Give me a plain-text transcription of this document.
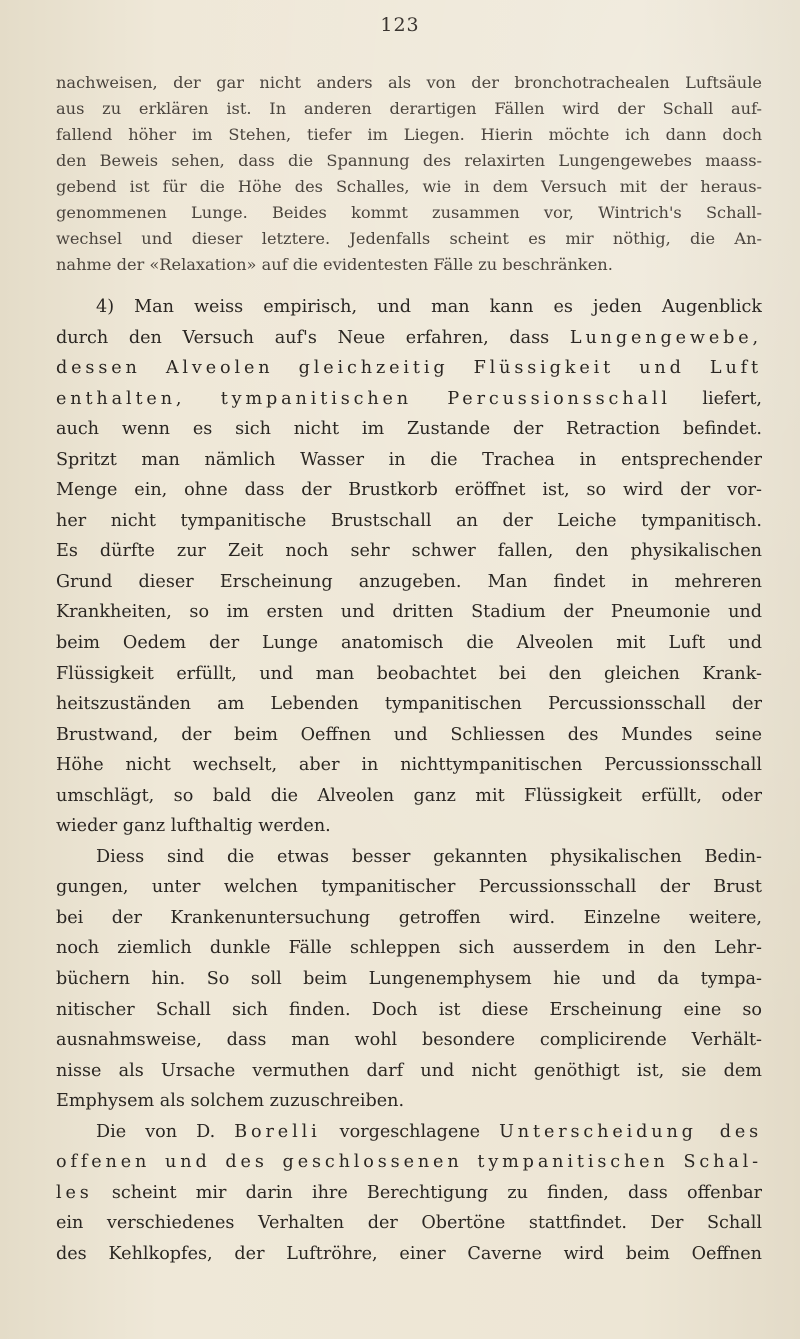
123
nachweisen, der gar nicht anders als von der bronchotrachealen Luftsäule
aus zu erklären ist. In anderen derartigen Fällen wird der Schall auf-
fallend höher im Stehen, tiefer im Liegen. Hierin möchte ich dann doch
den Beweis sehen, dass die Spannung des relaxirten Lungengewebes maass-
gebend ist für die Höhe des Schalles, wie in dem Versuch mit der heraus-
genommenen Lunge. Beides kommt zusammen vor, Wintrich's Schall-
wechsel und dieser letztere. Jedenfalls scheint es mir nöthig, die An-
nahme der «Relaxation» auf die evidentesten Fälle zu beschränken.
4) Man weiss empirisch, und man kann es jeden Augenblick
durch den Versuch auf's Neue erfahren, dass Lungengewebe,
dessen Alveolen gleichzeitig Flüssigkeit und Luft
enthalten, tympanitischen Percussionsschall liefert,
auch wenn es sich nicht im Zustande der Retraction befindet.
Spritzt man nämlich Wasser in die Trachea in entsprechender
Menge ein, ohne dass der Brustkorb eröffnet ist, so wird der vor-
her nicht tympanitische Brustschall an der Leiche tympanitisch.
Es dürfte zur Zeit noch sehr schwer fallen, den physikalischen
Grund dieser Erscheinung anzugeben. Man findet in mehreren
Krankheiten, so im ersten und dritten Stadium der Pneumonie und
beim Oedem der Lunge anatomisch die Alveolen mit Luft und
Flüssigkeit erfüllt, und man beobachtet bei den gleichen Krank-
heitszuständen am Lebenden tympanitischen Percussionsschall der
Brustwand, der beim Oeffnen und Schliessen des Mundes seine
Höhe nicht wechselt, aber in nichttympanitischen Percussionsschall
umschlägt, so bald die Alveolen ganz mit Flüssigkeit erfüllt, oder
wieder ganz lufthaltig werden.
Diess sind die etwas besser gekannten physikalischen Bedin-
gungen, unter welchen tympanitischer Percussionsschall der Brust
bei der Krankenuntersuchung getroffen wird. Einzelne weitere,
noch ziemlich dunkle Fälle schleppen sich ausserdem in den Lehr-
büchern hin. So soll beim Lungenemphysem hie und da tympa-
nitischer Schall sich finden. Doch ist diese Erscheinung eine so
ausnahmsweise, dass man wohl besondere complicirende Verhält-
nisse als Ursache vermuthen darf und nicht genöthigt ist, sie dem
Emphysem als solchem zuzuschreiben.
Die von D. Borelli vorgeschlagene Unterscheidung des
offenen und des geschlossenen tympanitischen Schal-
les scheint mir darin ihre Berechtigung zu finden, dass offenbar
ein verschiedenes Verhalten der Obertöne stattfindet. Der Schall
des Kehlkopfes, der Luftröhre, einer Caverne wird beim Oeffnen
